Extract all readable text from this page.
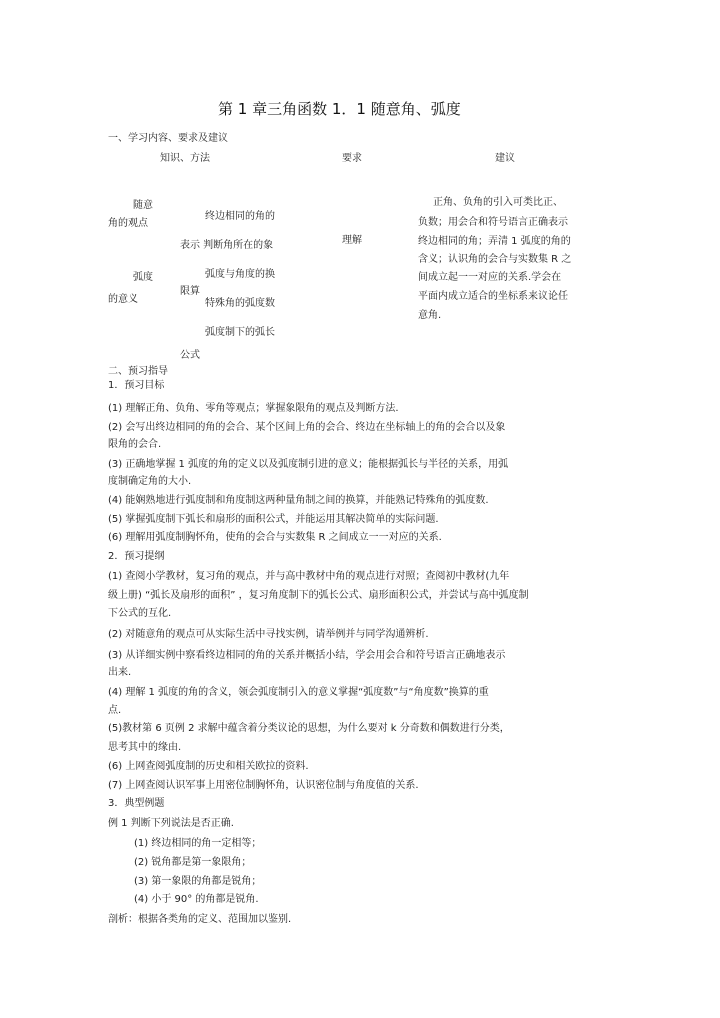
第 1 章三角函数 1．1 随意角、弧度
一、学习内容、要求及建议
知识、方法	要求	建议
随意
角的观点
弧度
的意义
终边相同的角的
表示 判断角所在的象
弧度与角度的换
限算
特殊角的弧度数
弧度制下的弧长
公式
理解
正角、负角的引入可类比正、
负数；用会合和符号语言正确表示
终边相同的角；弄清 1 弧度的角的
含义；认识角的会合与实数集 R 之
间成立起一一对应的关系.学会在
平面内成立适合的坐标系来议论任
意角.
二、预习指导
1．预习目标
(1) 理解正角、负角、零角等观点；掌握象限角的观点及判断方法.
(2) 会写出终边相同的角的会合、某个区间上角的会合、终边在坐标轴上的角的会合以及象
限角的会合.
(3) 正确地掌握 1 弧度的角的定义以及弧度制引进的意义；能根据弧长与半径的关系，用弧
度制确定角的大小.
(4) 能娴熟地进行弧度制和角度制这两种量角制之间的换算，并能熟记特殊角的弧度数.
(5) 掌握弧度制下弧长和扇形的面积公式，并能运用其解决简单的实际问题.
(6) 理解用弧度制胸怀角，使角的会合与实数集 R 之间成立一一对应的关系.
2．预习提纲
(1) 查阅小学教材，复习角的观点，并与高中教材中角的观点进行对照；查阅初中教材(九年
级上册) “弧长及扇形的面积” ，复习角度制下的弧长公式、扇形面积公式，并尝试与高中弧度制
下公式的互化.
(2) 对随意角的观点可从实际生活中寻找实例，请举例并与同学沟通辨析.
(3) 从详细实例中察看终边相同的角的关系并概括小结，学会用会合和符号语言正确地表示
出来.
(4) 理解 1 弧度的角的含义，领会弧度制引入的意义掌握“弧度数”与“角度数”换算的重
点.
(5)教材第 6 页例 2 求解中蕴含着分类议论的思想，为什么要对 k 分奇数和偶数进行分类，
思考其中的缘由.
(6) 上网查阅弧度制的历史和相关欧拉的资料.
(7) 上网查阅认识军事上用密位制胸怀角，认识密位制与角度值的关系.
3．典型例题
例 1 判断下列说法是否正确.
(1) 终边相同的角一定相等；
(2) 锐角都是第一象限角；
(3) 第一象限的角都是锐角；
(4) 小于 90° 的角都是锐角.
剖析：根据各类角的定义、范围加以鉴别.
